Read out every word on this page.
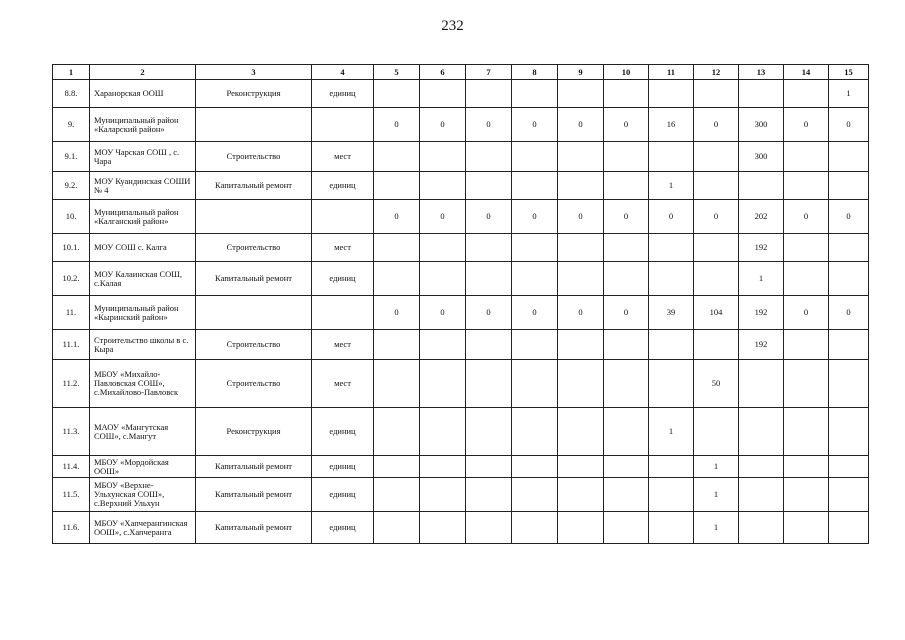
232
1	2	3	4	5	6	7	8	9	10	11	12	13	14	15
8.8.	Харанорская ООШ	Реконструкция	единиц											1
9.	Муниципальный район «Каларский район»			0	0	0	0	0	0	16	0	300	0	0
9.1.	МОУ Чарская СОШ , с. Чара	Строительство	мест									300		
9.2.	МОУ Куандинская СОШИ № 4	Капитальный ремонт	единиц							1				
10.	Муниципальный район «Калганский район»			0	0	0	0	0	0	0	0	202	0	0
10.1.	МОУ СОШ с. Калга	Строительство	мест									192		
10.2.	МОУ Калаинская СОШ, с.Калая	Капитальный ремонт	единиц									1		
11.	Муниципальный район «Кыринский район»			0	0	0	0	0	0	39	104	192	0	0
11.1.	Строительство школы в с. Кыра	Строительство	мест									192		
11.2.	МБОУ «Михайло-Павловская СОШ», с.Михайлово-Павловск	Строительство	мест								50			
11.3.	МАОУ «Мангутская СОШ», с.Мангут	Реконструкция	единиц							1				
11.4.	МБОУ «Мордойская ООШ»	Капитальный ремонт	единиц								1			
11.5.	МБОУ «Верхне-Ульхунская СОШ», с.Верхний Ульхун	Капитальный ремонт	единиц								1			
11.6.	МБОУ «Хапчерангинская ООШ», с.Хапчеранга	Капитальный ремонт	единиц								1			
